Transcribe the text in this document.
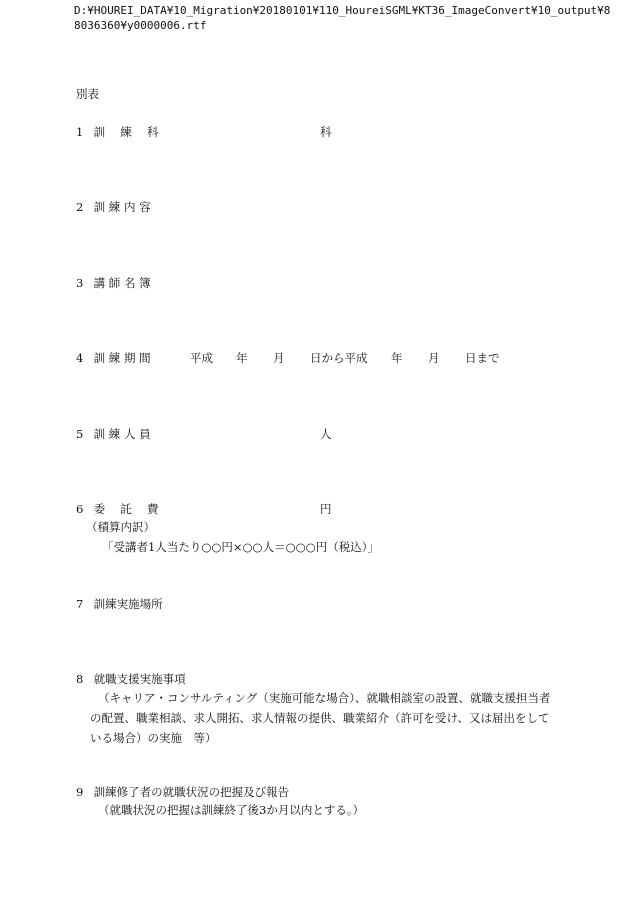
D:¥HOUREI_DATA¥10_Migration¥20180101¥110_HoureiSGML¥KT36_ImageConvert¥10_output¥88036360¥y0000006.rtf
別表
1 訓 練 科	科
2 訓 練 内 容
3 講 師 名 簿
4 訓 練 期 間	平成 年 月 日から平成 年 月 日まで
5 訓 練 人 員	人
6 委 託 費	円
（積算内訳）
「受講者1人当たり○○円×○○人＝○○○円（税込）」
7 訓練実施場所
8 就職支援実施事項
（キャリア・コンサルティング（実施可能な場合）、就職相談室の設置、就職支援担当者の配置、職業相談、求人開拓、求人情報の提供、職業紹介（許可を受け、又は届出をしている場合）の実施　等）
9 訓練修了者の就職状況の把握及び報告
（就職状況の把握は訓練終了後3か月以内とする。）
